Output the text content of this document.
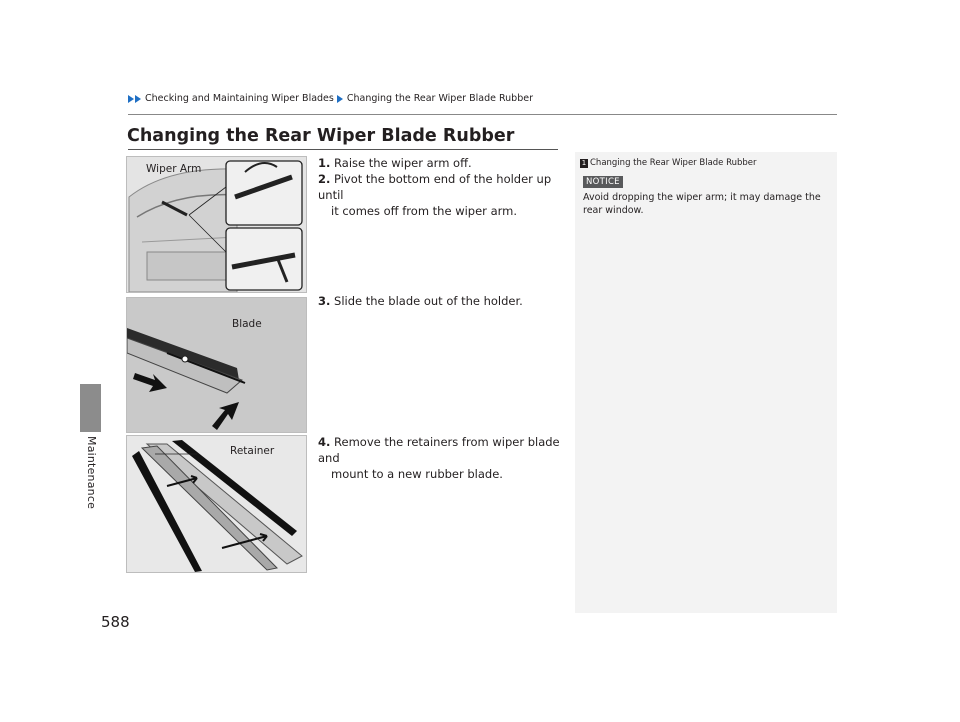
Checking and Maintaining Wiper Blades Changing the Rear Wiper Blade Rubber
Maintenance
Changing the Rear Wiper Blade Rubber
Wiper Arm
Blade
Retainer
1. Raise the wiper arm off.
2. Pivot the bottom end of the holder up until
it comes off from the wiper arm.
3. Slide the blade out of the holder.
4. Remove the retainers from wiper blade and
mount to a new rubber blade.
1 Changing the Rear Wiper Blade Rubber
NOTICE
Avoid dropping the wiper arm; it may damage the rear window.
588
